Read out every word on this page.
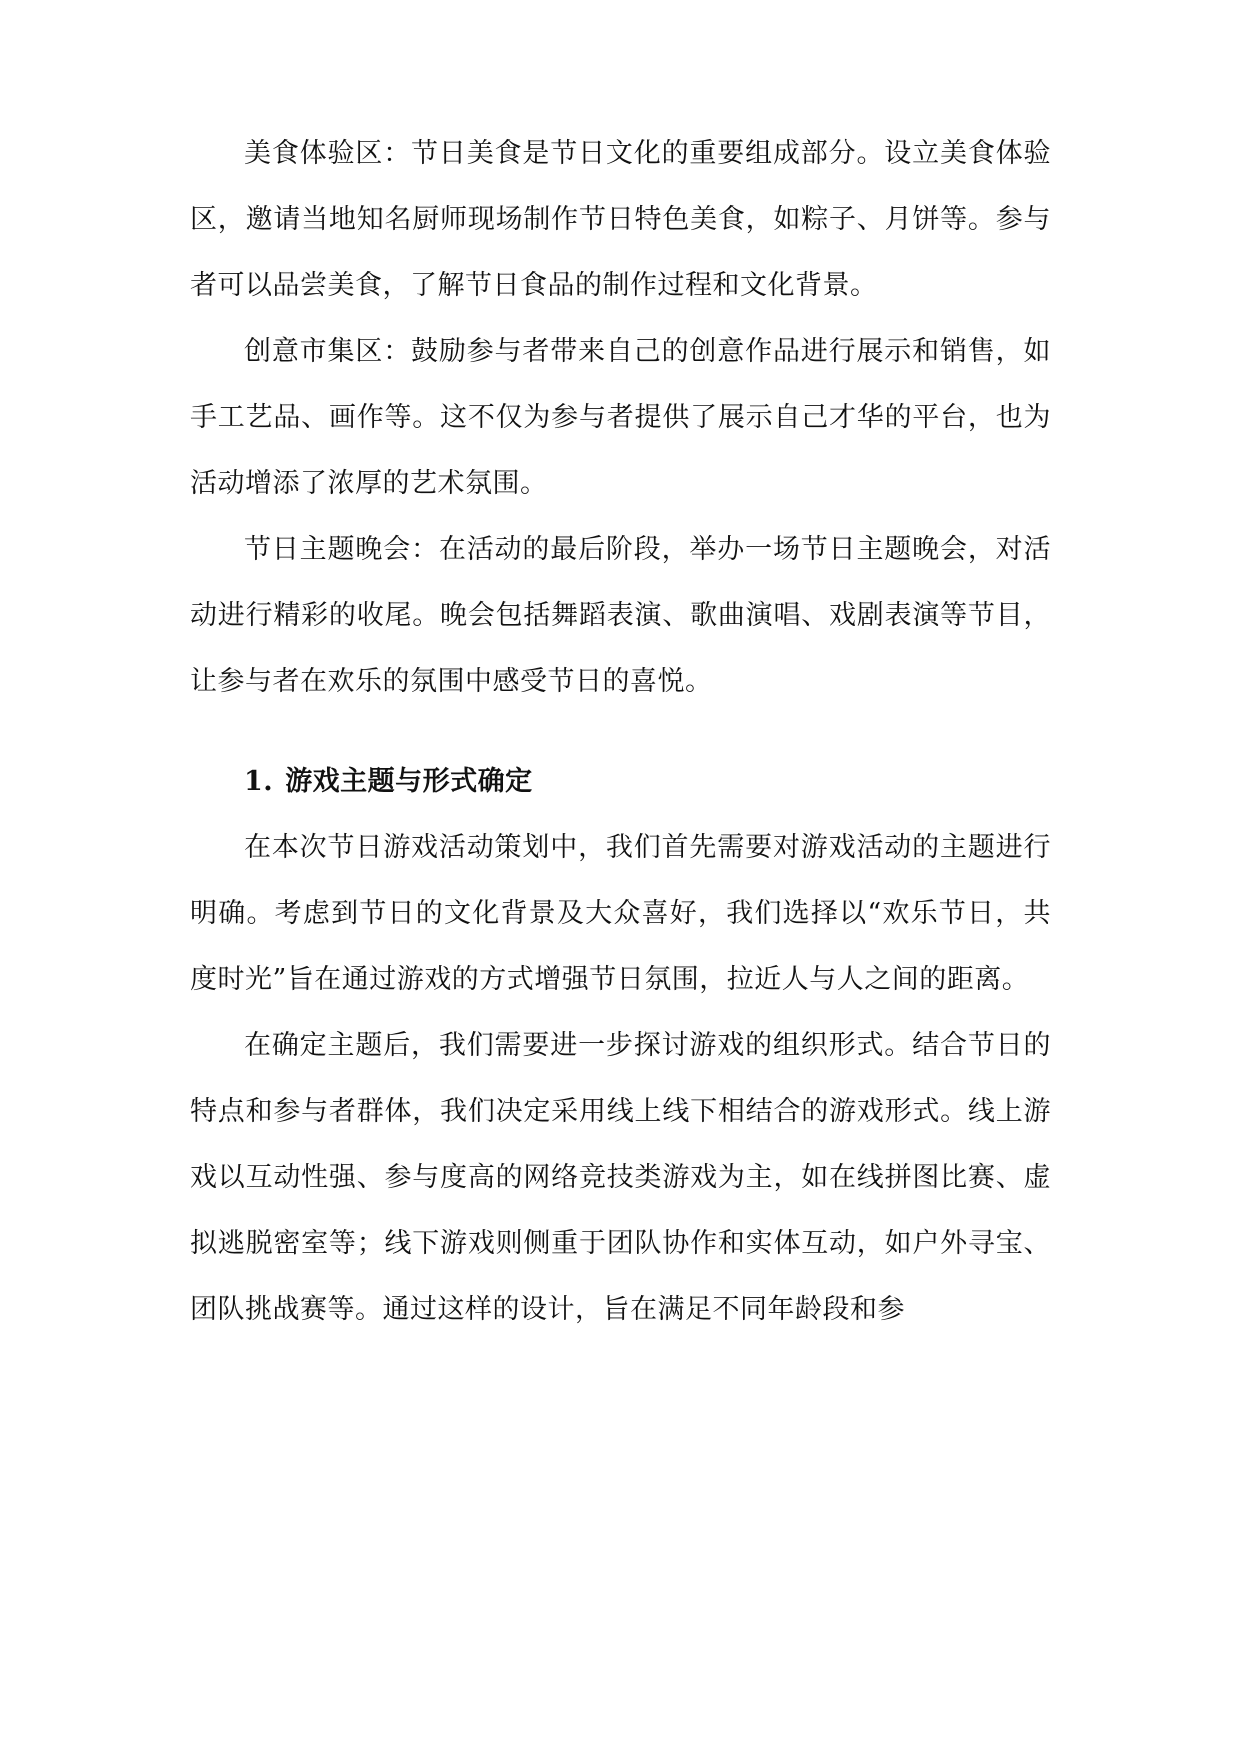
美食体验区：节日美食是节日文化的重要组成部分。设立美食体验区，邀请当地知名厨师现场制作节日特色美食，如粽子、月饼等。参与者可以品尝美食，了解节日食品的制作过程和文化背景。

创意市集区：鼓励参与者带来自己的创意作品进行展示和销售，如手工艺品、画作等。这不仅为参与者提供了展示自己才华的平台，也为活动增添了浓厚的艺术氛围。

节日主题晚会：在活动的最后阶段，举办一场节日主题晚会，对活动进行精彩的收尾。晚会包括舞蹈表演、歌曲演唱、戏剧表演等节目，让参与者在欢乐的氛围中感受节日的喜悦。

1. 游戏主题与形式确定

在本次节日游戏活动策划中，我们首先需要对游戏活动的主题进行明确。考虑到节日的文化背景及大众喜好，我们选择以“欢乐节日，共度时光”旨在通过游戏的方式增强节日氛围，拉近人与人之间的距离。

在确定主题后，我们需要进一步探讨游戏的组织形式。结合节日的特点和参与者群体，我们决定采用线上线下相结合的游戏形式。线上游戏以互动性强、参与度高的网络竞技类游戏为主，如在线拼图比赛、虚拟逃脱密室等；线下游戏则侧重于团队协作和实体互动，如户外寻宝、团队挑战赛等。通过这样的设计，旨在满足不同年龄段和参
